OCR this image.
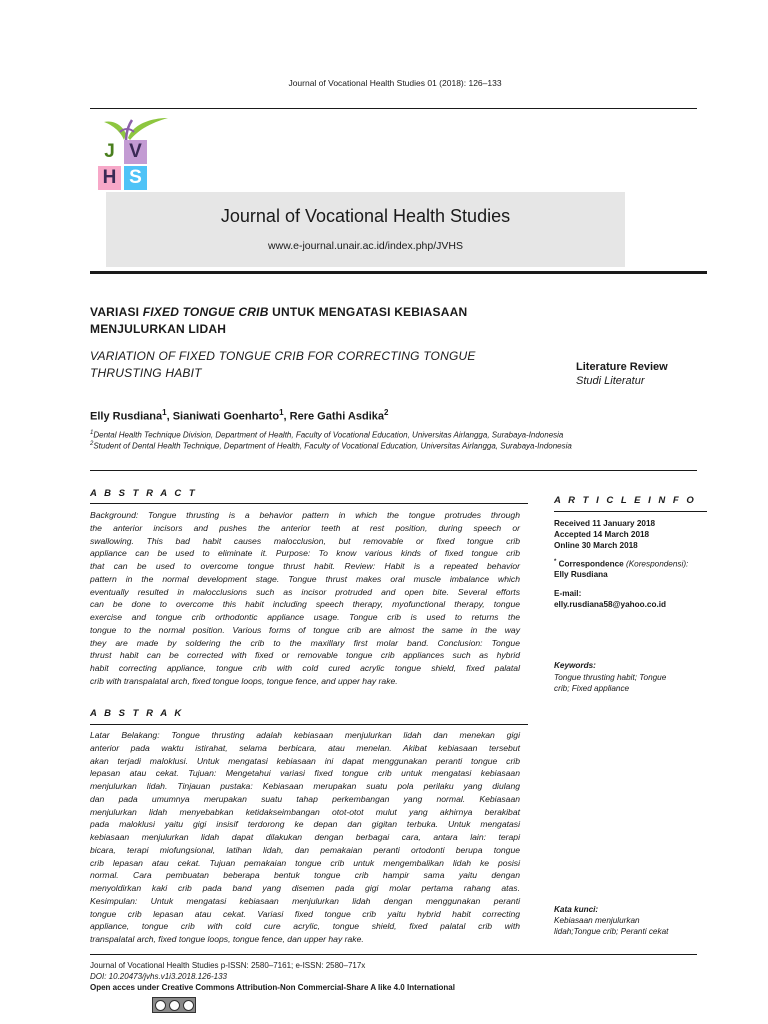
Journal of Vocational Health Studies 01 (2018): 126–133
J V
H S
Journal of Vocational Health Studies
www.e-journal.unair.ac.id/index.php/JVHS
VARIASI FIXED TONGUE CRIB UNTUK MENGATASI KEBIASAAN MENJULURKAN LIDAH
VARIATION OF FIXED TONGUE CRIB FOR CORRECTING TONGUE THRUSTING HABIT	Literature Review
Studi Literatur
Elly Rusdiana$^1$, Sianiwati Goenharto$^1$, Rere Gathi Asdika$^2$
$^1$Dental Health Technique Division, Department of Health, Faculty of Vocational Education, Universitas Airlangga, Surabaya-Indonesia
$^2$Student of Dental Health Technique, Department of Health, Faculty of Vocational Education, Universitas Airlangga, Surabaya-Indonesia
A B S T R A C T
Background: Tongue thrusting is a behavior pattern in which the tongue protrudes through
the anterior incisors and pushes the anterior teeth at rest position, during speech or
swallowing. This bad habit causes malocclusion, but removable or fixed tongue crib
appliance can be used to eliminate it. Purpose: To know various kinds of fixed tongue crib
that can be used to overcome tongue thrust habit. Review: Habit is a repeated behavior
pattern in the normal development stage. Tongue thrust makes oral muscle imbalance which
eventually resulted in malocclusions such as incisor protruded and open bite. Several efforts
can be done to overcome this habit including speech therapy, myofunctional therapy, tongue
exercise and tongue crib orthodontic appliance usage. Tongue crib is used to returns the
tongue to the normal position. Various forms of tongue crib are almost the same in the way
they are made by soldering the crib to the maxillary first molar band. Conclusion: Tongue
thrust habit can be corrected with fixed or removable tongue crib appliances such as hybrid
habit correcting appliance, tongue crib with cold cured acrylic tongue shield, fixed palatal
crib with transpalatal arch, fixed tongue loops, tongue fence, and upper hay rake.
A B S T R A K
Latar Belakang: Tongue thrusting adalah kebiasaan menjulurkan lidah dan menekan gigi
anterior pada waktu istirahat, selama berbicara, atau menelan. Akibat kebiasaan tersebut
akan terjadi maloklusi. Untuk mengatasi kebiasaan ini dapat menggunakan peranti tongue crib
lepasan atau cekat. Tujuan: Mengetahui variasi fixed tongue crib untuk mengatasi kebiasaan
menjulurkan lidah. Tinjauan pustaka: Kebiasaan merupakan suatu pola perilaku yang diulang
dan pada umumnya merupakan suatu tahap perkembangan yang normal. Kebiasaan
menjulurkan lidah menyebabkan ketidakseimbangan otot-otot mulut yang akhirnya berakibat
pada maloklusi yaitu gigi insisif terdorong ke depan dan gigitan terbuka. Untuk mengatasi
kebiasaan menjulurkan lidah dapat dilakukan dengan berbagai cara, antara lain: terapi
bicara, terapi miofungsional, latihan lidah, dan pemakaian peranti ortodonti berupa tongue
crib lepasan atau cekat. Tujuan pemakaian tongue crib untuk mengembalikan lidah ke posisi
normal. Cara pembuatan beberapa bentuk tongue crib hampir sama yaitu dengan
menyoldirkan kaki crib pada band yang disemen pada gigi molar pertama rahang atas.
Kesimpulan: Untuk mengatasi kebiasaan menjulurkan lidah dengan menggunakan peranti
tongue crib lepasan atau cekat. Variasi fixed tongue crib yaitu hybrid habit correcting
appliance, tongue crib with cold cure acrylic, tongue shield, fixed palatal crib with
transpalatal arch, fixed tongue loops, tongue fence, dan upper hay rake.
A R T I C L E I N F O
Received 11 January 2018
Accepted 14 March 2018
Online 30 March 2018
* Correspondence (Korespondensi):
Elly Rusdiana
E-mail:
elly.rusdiana58@yahoo.co.id
Keywords:
Tongue thrusting habit; Tongue
crib; Fixed appliance
Kata kunci:
Kebiasaan menjulurkan
lidah;Tongue crib; Peranti cekat
Journal of Vocational Health Studies p-ISSN: 2580–7161; e-ISSN: 2580–717x
DOI: 10.20473/jvhs.v1i3.2018.126-133
Open acces under Creative Commons Attribution-Non Commercial-Share A like 4.0 International
